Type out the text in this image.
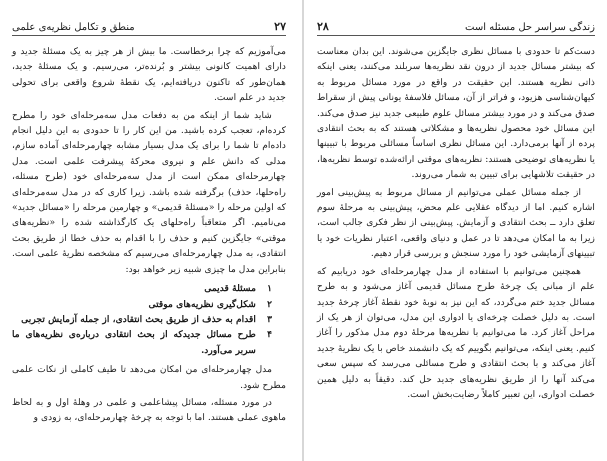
۲۷
منطق و تکامل نظریه‌ی علمی

می‌آموزیم که چرا برخطاست. ما بیش از هر چیز به یک مسئلهٔ جدید و دارای اهمیت کانونی بیشتر و بُرنده‌تر، می‌رسیم. و یک مسئلهٔ جدید، همان‌طور که تاکنون دریافته‌ایم، یک نقطهٔ شروع واقعی برای تحولی جدید در علم است.

شاید شما از اینکه من به دفعات مدل سه‌مرحله‌ای خود را مطرح کرده‌ام، تعجب کرده باشید. من این کار را تا حدودی به این دلیل انجام داده‌ام تا شما را برای یک مدل بسیار مشابه چهارمرحله‌ای آماده سازم، مدلی که دانش علم و نیروی محرکهٔ پیشرفت علمی است. مدل چهارمرحله‌ای ممکن است از مدل سه‌مرحله‌ای خود (طرح مسئله، راه‌حلها، حذف) برگرفته شده باشد. زیرا کاری که در مدل سه‌مرحله‌ای که اولین مرحله را «مسئلهٔ قدیمی» و چهارمین مرحله را «مسائل جدید» می‌نامیم. اگر متعاقباً راه‌حلهای یک کارگذاشته شده را «نظریه‌های موقتی» جایگزین کنیم و حذف را با اقدام به حذف خطا از طریق بحث انتقادی، به مدل چهارمرحله‌ای می‌رسیم که مشخصه نظریهٔ علمی است. بنابراین مدل ما چیزی شبیه زیر خواهد بود:

۱
مسئلهٔ قدیمی
۲
شکل‌گیری نظریه‌های موقتی
۳
اقدام به حذف از طریق بحث انتقادی، از جمله آزمایش تجربی
۴
طرح مسائل جدیدکه از بحث انتقادی درباره‌ی نظریه‌های ما سربر می‌آورد.

مدل چهارمرحله‌ای من امکان می‌دهد تا طیف کاملی از نکات علمی مطرح شود.

در مورد مسئله، مسائل پیشاعلمی و علمی در وهلهٔ اول و به لحاظ ماهوی عملی هستند. اما با توجه به چرخهٔ چهارمرحله‌ای، به زودی و

زندگی سراسر حل مسئله است
۲۸

دست‌کم تا حدودی با مسائل نظری جایگزین می‌شوند. این بدان معناست که بیشتر مسائل جدید از درون نقد نظریه‌ها سربلند می‌کنند، یعنی اینکه ذاتی نظریه هستند. این حقیقت در واقع در مورد مسائل مربوط به کیهان‌شناسی هزیود، و فراتر از آن، مسائل فلاسفهٔ یونانی پیش از سقراط صدق می‌کند و در مورد بیشتر مسائل علوم طبیعی جدید نیز صدق می‌کند. این مسائل خود محصول نظریه‌ها و مشکلاتی هستند که به بحث انتقادی پرده از آنها برمی‌دارد. این مسائل نظری اساساً مسائلی مربوط با تبیینها یا نظریه‌های توضیحی هستند: نظریه‌های موقتی ارائه‌شده توسط نظریه‌ها، در حقیقت تلاشهایی برای تبیین به شمار می‌روند.

از جمله مسائل عملی می‌توانیم از مسائل مربوط به پیش‌بینی امور اشاره کنیم. اما از دیدگاه عقلایی علم محض، پیش‌بینی به مرحلهٔ سوم تعلق دارد ــ بحث انتقادی و آزمایش. پیش‌بینی از نظر فکری جالب است، زیرا به ما امکان می‌دهد تا در عمل و دنیای واقعی، اعتبار نظریات خود یا تبیینهای آزمایشی خود را مورد سنجش و بررسی قرار دهیم.

همچنین می‌توانیم با استفاده از مدل چهارمرحله‌ای خود دریابیم که علم از مبانی یک چرخهٔ طرح مسائل قدیمی آغاز می‌شود و به طرح مسائل جدید ختم می‌گردد، که این نیز به نوبهٔ خود نقطهٔ آغاز چرخهٔ جدید است. به دلیل خصلت چرخه‌ای یا ادواری این مدل، می‌توان از هر یک از مراحل آغاز کرد. ما می‌توانیم با نظریه‌ها مرحلهٔ دوم مدل مذکور را آغاز کنیم. یعنی اینکه، می‌توانیم بگوییم که یک دانشمند خاص با یک نظریهٔ جدید آغاز می‌کند و با بحث انتقادی و طرح مسائلی می‌رسد که سپس سعی می‌کند آنها را از طریق نظریه‌های جدید حل کند. دقیقاً به دلیل همین خصلت ادواری، این تعبیر کاملاً رضایت‌بخش است.
